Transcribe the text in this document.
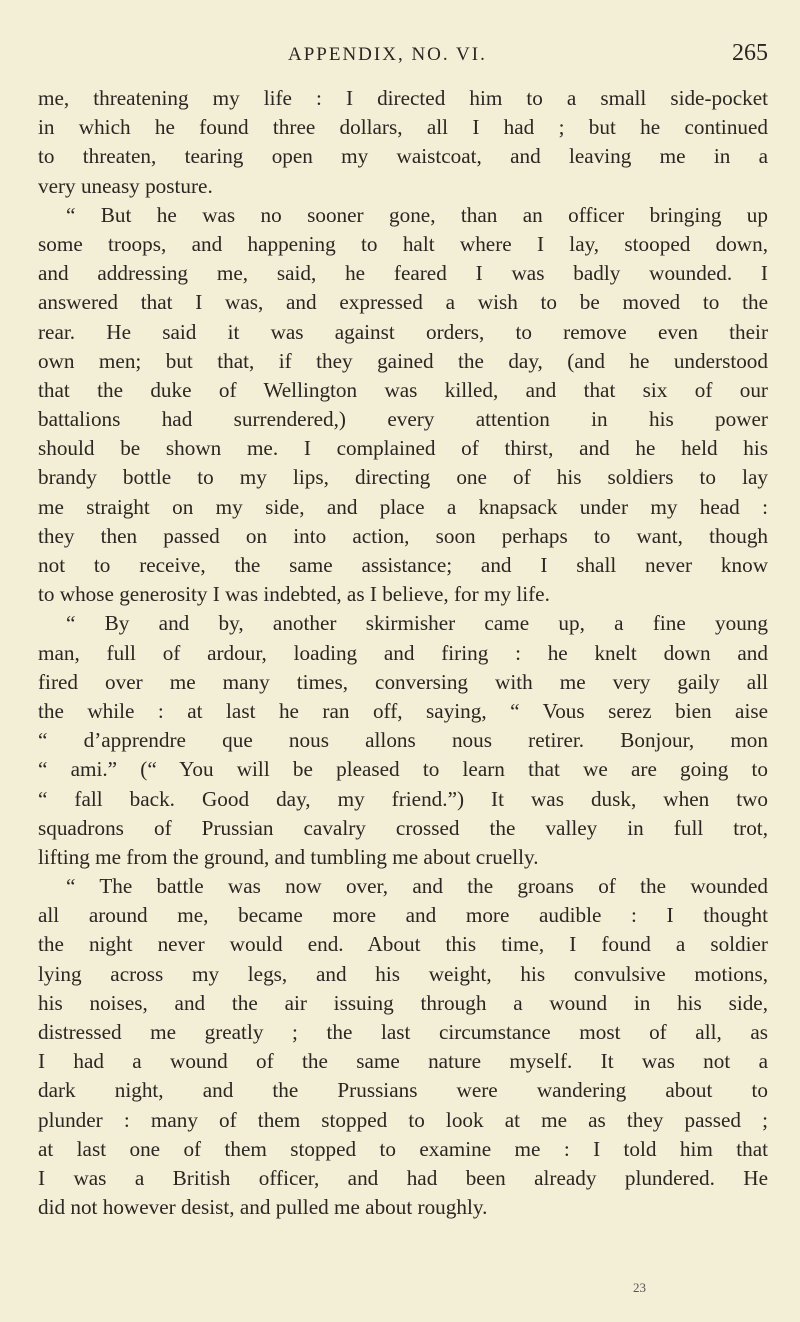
APPENDIX, NO. VI.	265
me, threatening my life : I directed him to a small side-pocket
in which he found three dollars, all I had ; but he continued
to threaten, tearing open my waistcoat, and leaving me in a
very uneasy posture.
“ But he was no sooner gone, than an officer bringing up
some troops, and happening to halt where I lay, stooped down,
and addressing me, said, he feared I was badly wounded. I
answered that I was, and expressed a wish to be moved to the
rear. He said it was against orders, to remove even their
own men; but that, if they gained the day, (and he understood
that the duke of Wellington was killed, and that six of our
battalions had surrendered,) every attention in his power
should be shown me. I complained of thirst, and he held his
brandy bottle to my lips, directing one of his soldiers to lay
me straight on my side, and place a knapsack under my head :
they then passed on into action, soon perhaps to want, though
not to receive, the same assistance; and I shall never know
to whose generosity I was indebted, as I believe, for my life.
“ By and by, another skirmisher came up, a fine young
man, full of ardour, loading and firing : he knelt down and
fired over me many times, conversing with me very gaily all
the while : at last he ran off, saying, “ Vous serez bien aise
“ d’apprendre que nous allons nous retirer. Bonjour, mon
“ ami.” (“ You will be pleased to learn that we are going to
“ fall back. Good day, my friend.”) It was dusk, when two
squadrons of Prussian cavalry crossed the valley in full trot,
lifting me from the ground, and tumbling me about cruelly.
“ The battle was now over, and the groans of the wounded
all around me, became more and more audible : I thought
the night never would end. About this time, I found a soldier
lying across my legs, and his weight, his convulsive motions,
his noises, and the air issuing through a wound in his side,
distressed me greatly ; the last circumstance most of all, as
I had a wound of the same nature myself. It was not a
dark night, and the Prussians were wandering about to
plunder : many of them stopped to look at me as they passed ;
at last one of them stopped to examine me : I told him that
I was a British officer, and had been already plundered. He
did not however desist, and pulled me about roughly.
23
